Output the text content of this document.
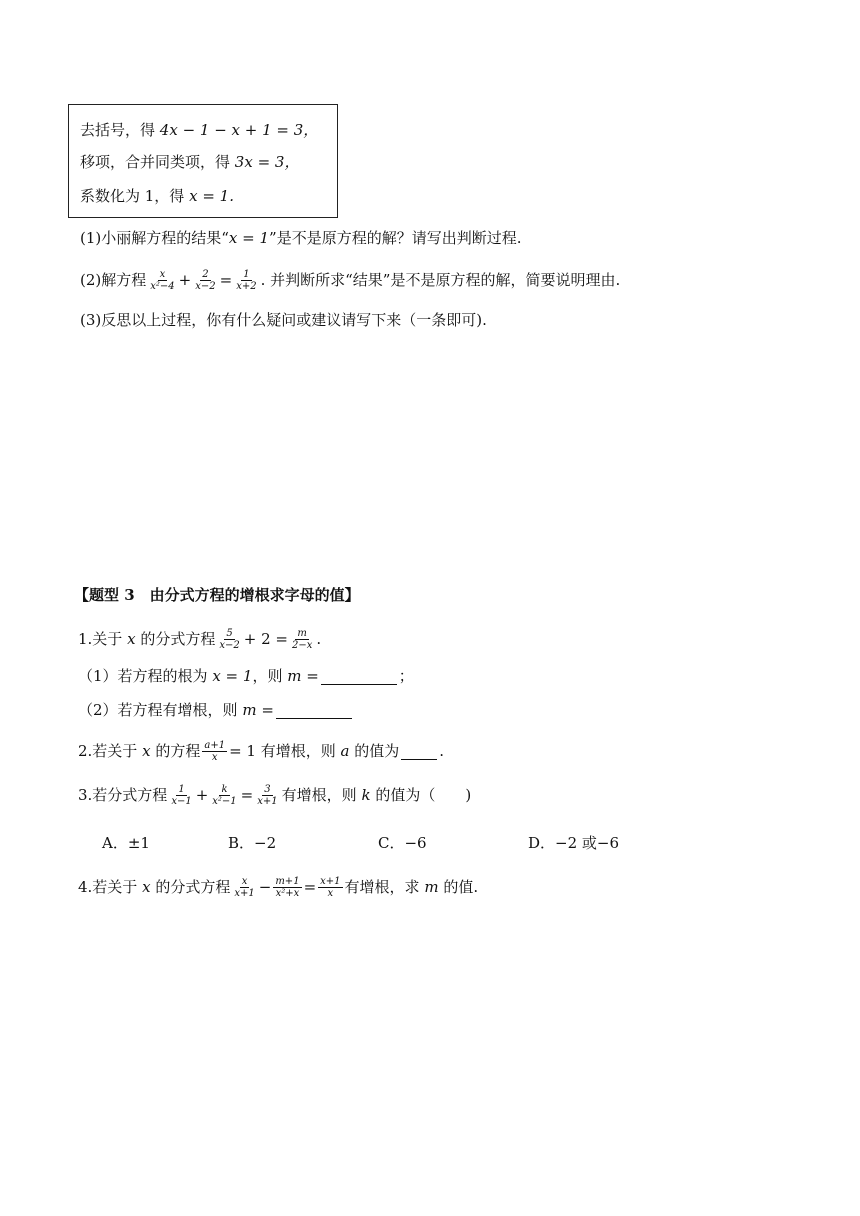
去括号，得
4x − 1 − x + 1 = 3，
移项，合并同类项，得
3x = 3，
系数化为 1，得
x = 1.
(1)小丽解方程的结果“ x = 1 ”是不是原方程的解？请写出判断过程.
(2)解方程 $\frac{x}{\text{x²−4}} + \frac{2}{x-2} = \frac{1}{x+2}$ . 并判断所求“结果”是不是原方程的解，简要说明理由.
(3)反思以上过程，你有什么疑问或建议请写下来（一条即可).
【题型 3　由分式方程的增根求字母的值】
1.关于
x
的分式方程 $\frac{5}{x-2} + 2 = \frac{m}{2-x}$ .
（1）若方程的根为
x = 1 ，则
m =	；
（2）若方程有增根，则
m =
2.若关于
x
的方程 $\frac{a+1}{x} = 1$
有增根，则
a
的值为	.
3.若分式方程 $\frac{1}{x-1} + \frac{k}{\text{x²−1}} = \frac{3}{x+1}$ 有增根，则
k
的值为（　　)
A．±1	B．−2	C．−6	D．−2 或−6
4.若关于
x
的分式方程 $\frac{x}{x+1} - \frac{m+1}{\text{x²+x}} = \frac{x+1}{x}$ 有增根，求
m
的值.
